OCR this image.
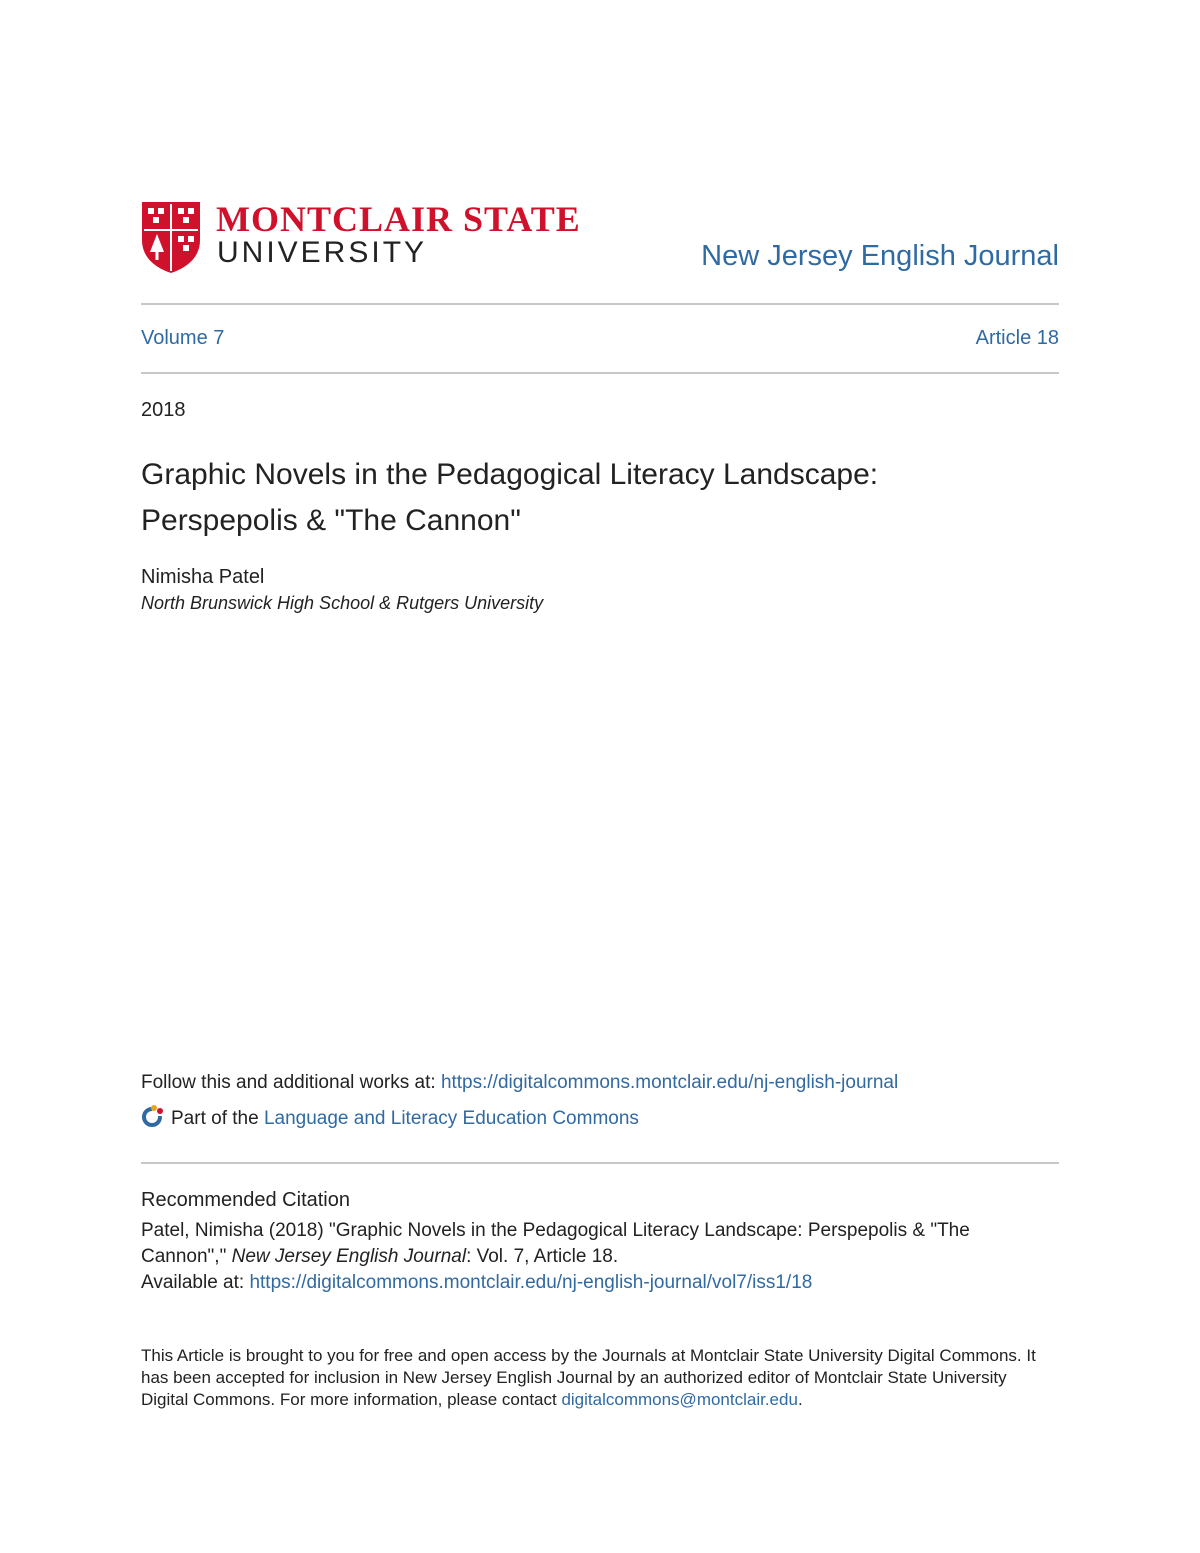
MONTCLAIR STATE
UNIVERSITY	New Jersey English Journal
Volume 7	Article 18
2018
Graphic Novels in the Pedagogical Literacy Landscape: Perspepolis & "The Cannon"
Nimisha Patel
North Brunswick High School & Rutgers University
Follow this and additional works at: https://digitalcommons.montclair.edu/nj-english-journal
Part of the Language and Literacy Education Commons
Recommended Citation
Patel, Nimisha (2018) "Graphic Novels in the Pedagogical Literacy Landscape: Perspepolis & "The Cannon"," New Jersey English Journal: Vol. 7, Article 18.
Available at: https://digitalcommons.montclair.edu/nj-english-journal/vol7/iss1/18
This Article is brought to you for free and open access by the Journals at Montclair State University Digital Commons. It has been accepted for inclusion in New Jersey English Journal by an authorized editor of Montclair State University Digital Commons. For more information, please contact digitalcommons@montclair.edu.
